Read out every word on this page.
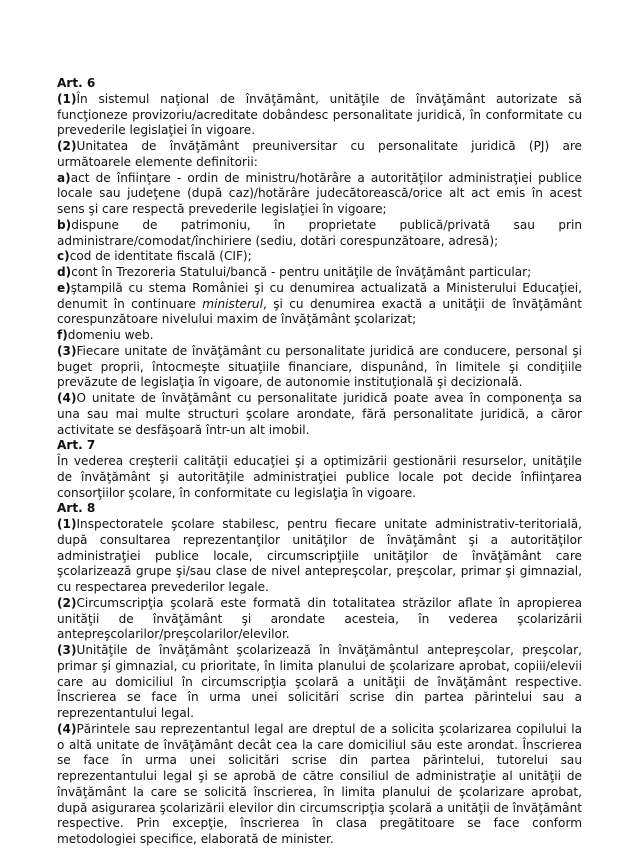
Art. 6

(1)În sistemul naţional de învăţământ, unităţile de învăţământ autorizate să funcţioneze provizoriu/acreditate dobândesc personalitate juridică, în conformitate cu prevederile legislaţiei în vigoare.

(2)Unitatea de învăţământ preuniversitar cu personalitate juridică (PJ) are următoarele elemente definitorii:

a)act de înfiinţare - ordin de ministru/hotărâre a autorităţilor administraţiei publice locale sau judeţene (după caz)/hotărâre judecătorească/orice alt act emis în acest sens şi care respectă prevederile legislaţiei în vigoare;

b)dispune de patrimoniu, în proprietate publică/privată sau prin administrare/comodat/închiriere (sediu, dotări corespunzătoare, adresă);

c)cod de identitate fiscală (CIF);

d)cont în Trezoreria Statului/bancă - pentru unităţile de învăţământ particular;

e)ştampilă cu stema României şi cu denumirea actualizată a Ministerului Educaţiei, denumit în continuare ministerul, şi cu denumirea exactă a unităţii de învăţământ corespunzătoare nivelului maxim de învăţământ şcolarizat;

f)domeniu web.

(3)Fiecare unitate de învăţământ cu personalitate juridică are conducere, personal şi buget proprii, întocmeşte situaţiile financiare, dispunând, în limitele şi condiţiile prevăzute de legislaţia în vigoare, de autonomie instituţională şi decizională.

(4)O unitate de învăţământ cu personalitate juridică poate avea în componenţa sa una sau mai multe structuri şcolare arondate, fără personalitate juridică, a căror activitate se desfăşoară într-un alt imobil.

Art. 7

În vederea creşterii calităţii educaţiei şi a optimizării gestionării resurselor, unităţile de învăţământ şi autorităţile administraţiei publice locale pot decide înfiinţarea consorţiilor şcolare, în conformitate cu legislaţia în vigoare.

Art. 8

(1)Inspectoratele şcolare stabilesc, pentru fiecare unitate administrativ-teritorială, după consultarea reprezentanţilor unităţilor de învăţământ şi a autorităţilor administraţiei publice locale, circumscripţiile unităţilor de învăţământ care şcolarizează grupe şi/sau clase de nivel antepreşcolar, preşcolar, primar şi gimnazial, cu respectarea prevederilor legale.

(2)Circumscripţia şcolară este formată din totalitatea străzilor aflate în apropierea unităţii de învăţământ şi arondate acesteia, în vederea şcolarizării antepreşcolarilor/preşcolarilor/elevilor.

(3)Unităţile de învăţământ şcolarizează în învăţământul antepreşcolar, preşcolar, primar şi gimnazial, cu prioritate, în limita planului de şcolarizare aprobat, copiii/elevii care au domiciliul în circumscripţia şcolară a unităţii de învăţământ respective. Înscrierea se face în urma unei solicitări scrise din partea părintelui sau a reprezentantului legal.

(4)Părintele sau reprezentantul legal are dreptul de a solicita şcolarizarea copilului la o altă unitate de învăţământ decât cea la care domiciliul său este arondat. Înscrierea se face în urma unei solicitări scrise din partea părintelui, tutorelui sau reprezentantului legal şi se aprobă de către consiliul de administraţie al unităţii de învăţământ la care se solicită înscrierea, în limita planului de şcolarizare aprobat, după asigurarea şcolarizării elevilor din circumscripţia şcolară a unităţii de învăţământ respective. Prin excepţie, înscrierea în clasa pregătitoare se face conform metodologiei specifice, elaborată de minister.
